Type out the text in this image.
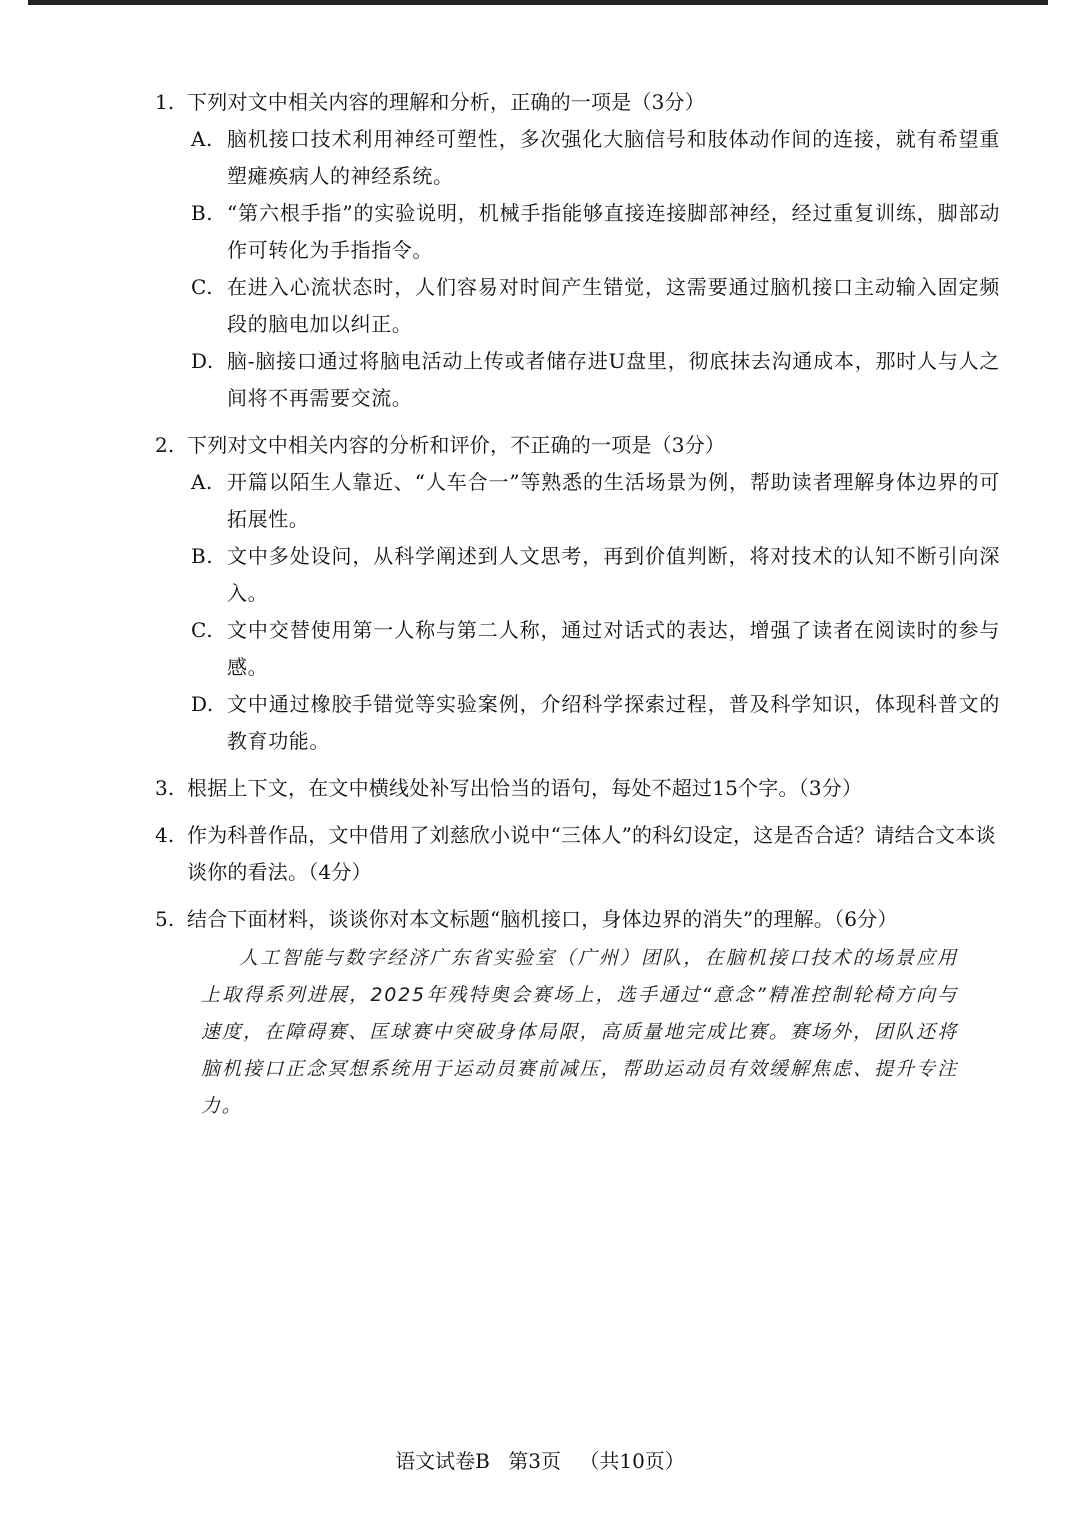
1. 下列对文中相关内容的理解和分析，正确的一项是（3分）
A. 脑机接口技术利用神经可塑性，多次强化大脑信号和肢体动作间的连接，就有希望重塑瘫痪病人的神经系统。
B. “第六根手指”的实验说明，机械手指能够直接连接脚部神经，经过重复训练，脚部动作可转化为手指指令。
C. 在进入心流状态时，人们容易对时间产生错觉，这需要通过脑机接口主动输入固定频段的脑电加以纠正。
D. 脑-脑接口通过将脑电活动上传或者储存进U盘里，彻底抹去沟通成本，那时人与人之间将不再需要交流。
2. 下列对文中相关内容的分析和评价，不正确的一项是（3分）
A. 开篇以陌生人靠近、“人车合一”等熟悉的生活场景为例，帮助读者理解身体边界的可拓展性。
B. 文中多处设问，从科学阐述到人文思考，再到价值判断，将对技术的认知不断引向深入。
C. 文中交替使用第一人称与第二人称，通过对话式的表达，增强了读者在阅读时的参与感。
D. 文中通过橡胶手错觉等实验案例，介绍科学探索过程，普及科学知识，体现科普文的教育功能。
3. 根据上下文，在文中横线处补写出恰当的语句，每处不超过15个字。（3分）
4. 作为科普作品，文中借用了刘慈欣小说中“三体人”的科幻设定，这是否合适？请结合文本谈谈你的看法。（4分）
5. 结合下面材料，谈谈你对本文标题“脑机接口，身体边界的消失”的理解。（6分）
人工智能与数字经济广东省实验室（广州）团队，在脑机接口技术的场景应用上取得系列进展，2025年残特奥会赛场上，选手通过“意念”精准控制轮椅方向与速度，在障碍赛、匡球赛中突破身体局限，高质量地完成比赛。赛场外，团队还将脑机接口正念冥想系统用于运动员赛前减压，帮助运动员有效缓解焦虑、提升专注力。
语文试卷B 第3页 （共10页）
